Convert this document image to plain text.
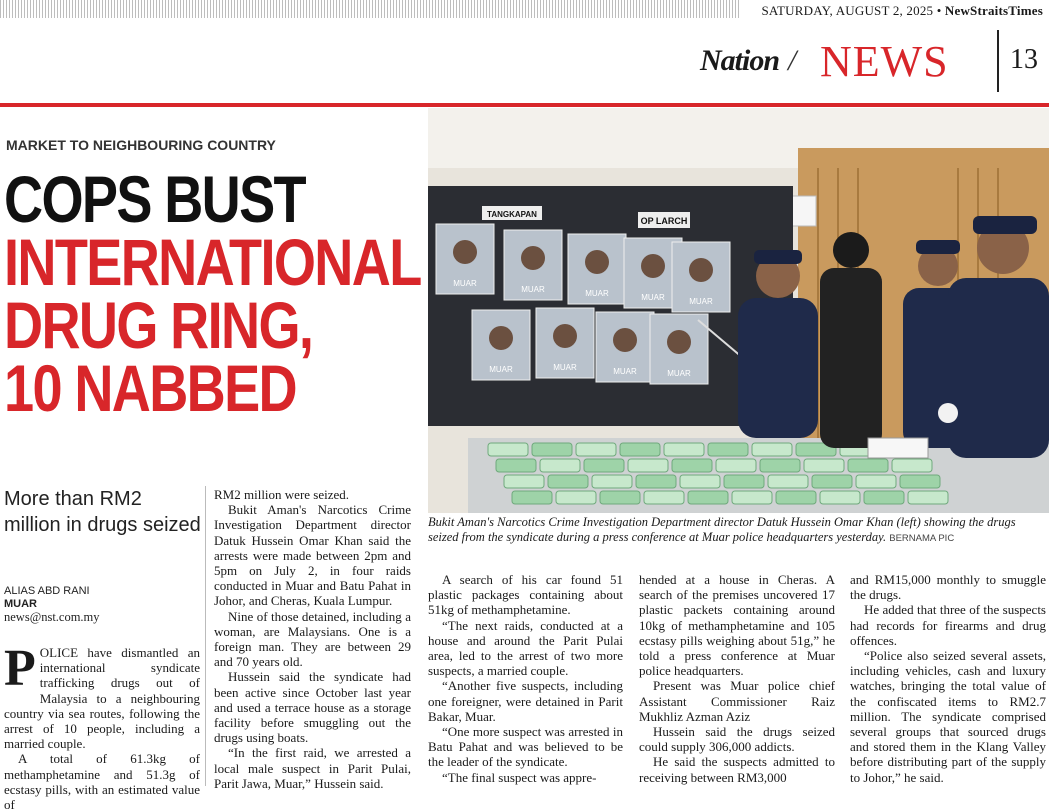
SATURDAY, AUGUST 2, 2025 • NewStraitsTimes
Nation / NEWS 13
MARKET TO NEIGHBOURING COUNTRY
COPS BUST
INTERNATIONAL DRUG RING, 10 NABBED
More than RM2 million in drugs seized
ALIAS ABD RANI
MUAR
news@nst.com.my

POLICE have dismantled an international syndicate trafficking drugs out of Malaysia to a neighbouring country via sea routes, following the arrest of 10 people, including a married couple.

A total of 61.3kg of methamphetamine and 51.3g of ecstasy pills, with an estimated value of

RM2 million were seized.

Bukit Aman's Narcotics Crime Investigation Department director Datuk Hussein Omar Khan said the arrests were made between 2pm and 5pm on July 2, in four raids conducted in Muar and Batu Pahat in Johor, and Cheras, Kuala Lumpur.

Nine of those detained, including a woman, are Malaysians. One is a foreign man. They are between 29 and 70 years old.

Hussein said the syndicate had been active since October last year and used a terrace house as a storage facility before smuggling out the drugs using boats.

“In the first raid, we arrested a local male suspect in Parit Pulai, Parit Jawa, Muar,” Hussein said.

A search of his car found 51 plastic packages containing about 51kg of methamphetamine.

“The next raids, conducted at a house and around the Parit Pulai area, led to the arrest of two more suspects, a married couple.

“Another five suspects, including one foreigner, were detained in Parit Bakar, Muar.

“One more suspect was arrested in Batu Pahat and was believed to be the leader of the syndicate.

“The final suspect was appre-

hended at a house in Cheras. A search of the premises uncovered 17 plastic packets containing around 10kg of methamphetamine and 105 ecstasy pills weighing about 51g,” he told a press conference at Muar police headquarters.

Present was Muar police chief Assistant Commissioner Raiz Mukhliz Azman Aziz

Hussein said the drugs seized could supply 306,000 addicts.

He said the suspects admitted to receiving between RM3,000

and RM15,000 monthly to smuggle the drugs.

He added that three of the suspects had records for firearms and drug offences.

“Police also seized several assets, including vehicles, cash and luxury watches, bringing the total value of the confiscated items to RM2.7 million. The syndicate comprised several groups that sourced drugs and stored them in the Klang Valley before distributing part of the supply to Johor,” he said.

TANGKAPAN
OP LARCH
MUAR
MUAR	MUAR	MUAR	MUAR
MUAR	MUAR	MUAR	MUAR
Bukit Aman's Narcotics Crime Investigation Department director Datuk Hussein Omar Khan (left) showing the drugs seized from the syndicate during a press conference at Muar police headquarters yesterday. BERNAMA PIC
